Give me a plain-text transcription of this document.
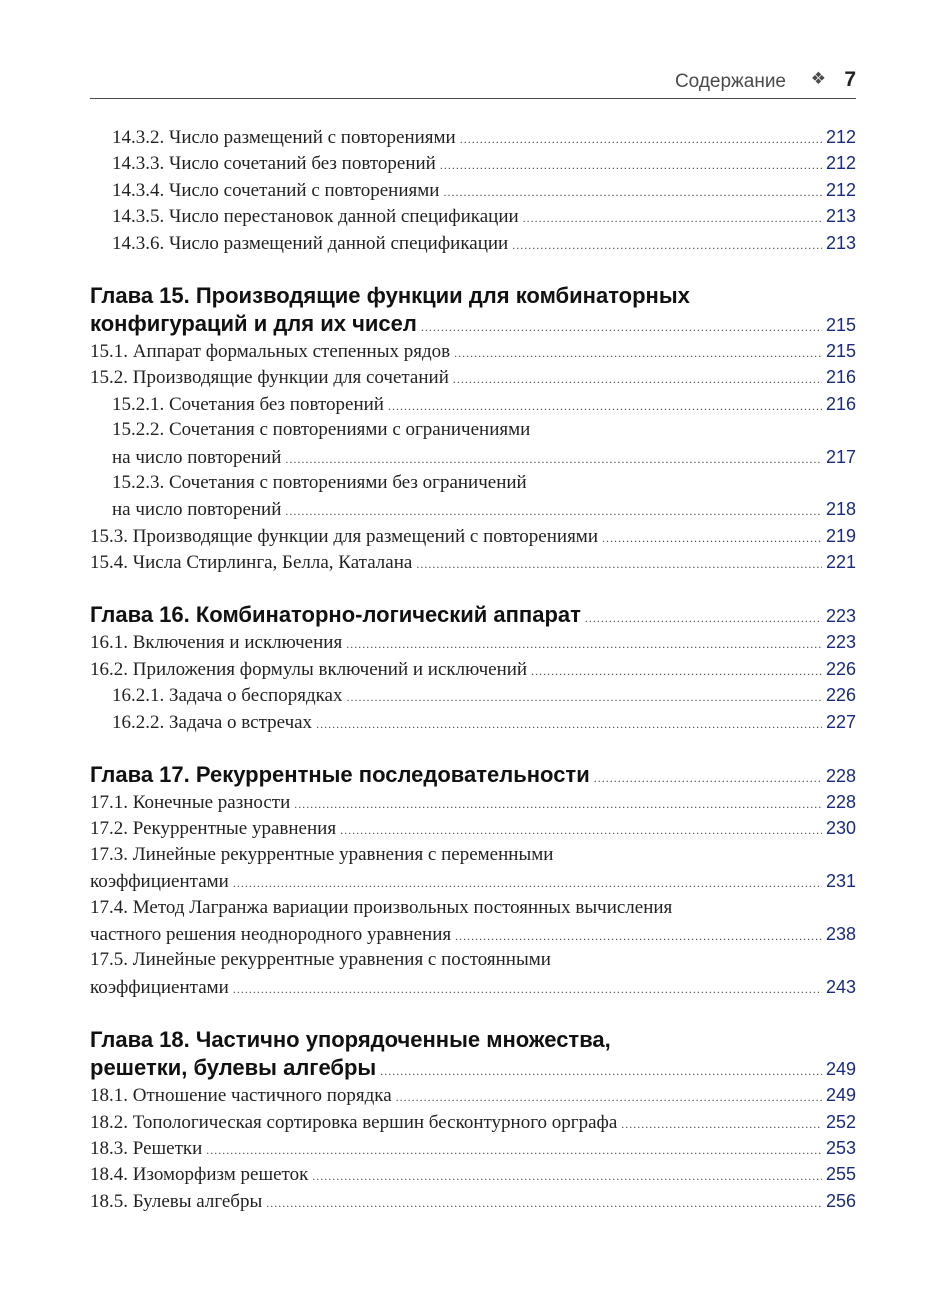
Содержание ❖ 7
14.3.2. Число размещений с повторениями .....	212
14.3.3. Число сочетаний без повторений .....	212
14.3.4. Число сочетаний с повторениями .....	212
14.3.5. Число перестановок данной спецификации .....	213
14.3.6. Число размещений данной спецификации .....	213
Глава 15. Производящие функции для комбинаторных
конфигураций и для их чисел .....	215
15.1. Аппарат формальных степенных рядов .....	215
15.2. Производящие функции для сочетаний .....	216
15.2.1. Сочетания без повторений .....	216
15.2.2. Сочетания с повторениями с ограничениями
на число повторений .....	217
15.2.3. Сочетания с повторениями без ограничений
на число повторений .....	218
15.3. Производящие функции для размещений с повторениями .....	219
15.4. Числа Стирлинга, Белла, Каталана .....	221
Глава 16. Комбинаторно-логический аппарат .....	223
16.1. Включения и исключения .....	223
16.2. Приложения формулы включений и исключений .....	226
16.2.1. Задача о беспорядках .....	226
16.2.2. Задача о встречах .....	227
Глава 17. Рекуррентные последовательности .....	228
17.1. Конечные разности .....	228
17.2. Рекуррентные уравнения .....	230
17.3. Линейные рекуррентные уравнения с переменными
коэффициентами .....	231
17.4. Метод Лагранжа вариации произвольных постоянных вычисления
частного решения неоднородного уравнения .....	238
17.5. Линейные рекуррентные уравнения с постоянными
коэффициентами .....	243
Глава 18. Частично упорядоченные множества,
решетки, булевы алгебры .....	249
18.1. Отношение частичного порядка .....	249
18.2. Топологическая сортировка вершин бесконтурного орграфа .....	252
18.3. Решетки .....	253
18.4. Изоморфизм решеток .....	255
18.5. Булевы алгебры .....	256
